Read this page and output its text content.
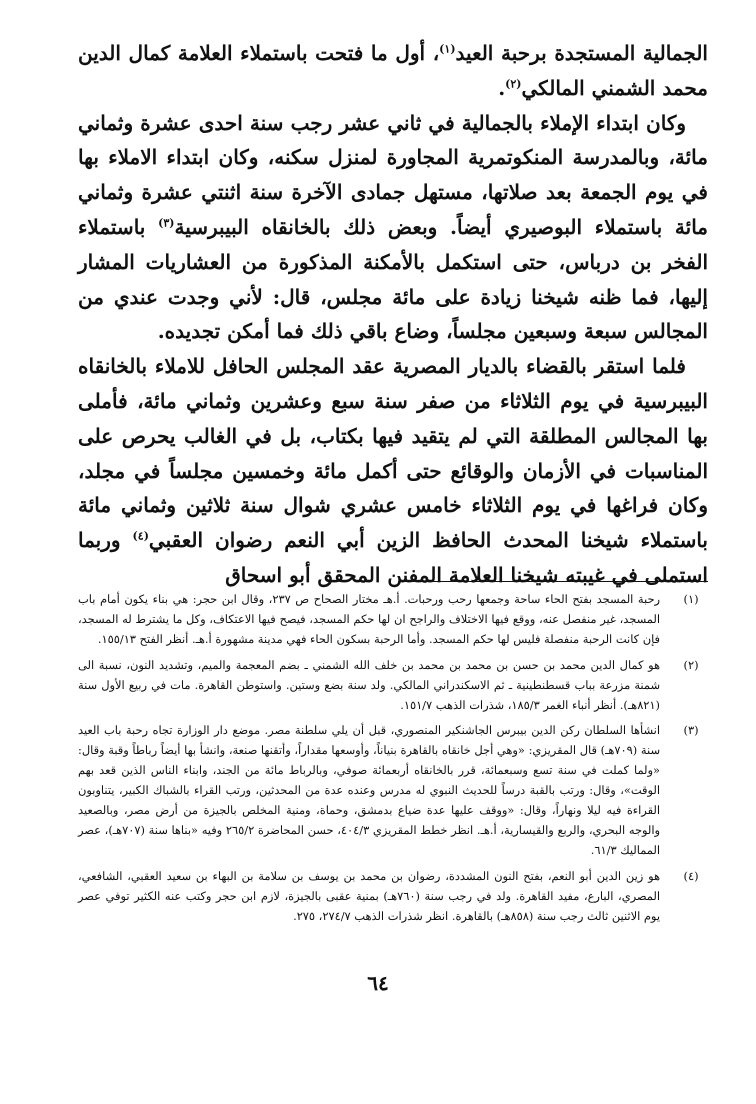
الجمالية المستجدة برحبة العيد$^{(١)}$، أول ما فتحت باستملاء العلامة كمال الدين محمد الشمني المالكي$^{(٢)}$.

وكان ابتداء الإملاء بالجمالية في ثاني عشر رجب سنة احدى عشرة وثماني مائة، وبالمدرسة المنكوتمرية المجاورة لمنزل سكنه، وكان ابتداء الاملاء بها في يوم الجمعة بعد صلاتها، مستهل جمادى الآخرة سنة اثنتي عشرة وثماني مائة باستملاء البوصيري أيضاً. وبعض ذلك بالخانقاه البيبرسية$^{(٣)}$ باستملاء الفخر بن درباس، حتى استكمل بالأمكنة المذكورة من العشاريات المشار إليها، فما ظنه شيخنا زيادة على مائة مجلس، قال: لأني وجدت عندي من المجالس سبعة وسبعين مجلساً، وضاع باقي ذلك فما أمكن تجديده.

فلما استقر بالقضاء بالديار المصرية عقد المجلس الحافل للاملاء بالخانقاه البيبرسية في يوم الثلاثاء من صفر سنة سبع وعشرين وثماني مائة، فأملى بها المجالس المطلقة التي لم يتقيد فيها بكتاب، بل في الغالب يحرص على المناسبات في الأزمان والوقائع حتى أكمل مائة وخمسين مجلساً في مجلد، وكان فراغها في يوم الثلاثاء خامس عشري شوال سنة ثلاثين وثماني مائة باستملاء شيخنا المحدث الحافظ الزين أبي النعم رضوان العقبي$^{(٤)}$ وربما استملى في غيبته شيخنا العلامة المفنن المحقق أبو اسحاق

(١)
رحبة المسجد بفتح الحاء ساحة وجمعها رحب ورحبات. أ.هـ مختار الصحاح ص ٢٣٧، وقال ابن حجر: هي بناء يكون أمام باب المسجد، غير منفصل عنه، ووقع فيها الاختلاف والراجح ان لها حكم المسجد، فيصح فيها الاعتكاف، وكل ما يشترط له المسجد، فإن كانت الرحبة منفصلة فليس لها حكم المسجد. وأما الرحبة بسكون الحاء فهي مدينة مشهورة أ.هـ. أنظر الفتح ١٥٥/١٣.
(٢)
هو كمال الدين محمد بن حسن بن محمد بن محمد بن خلف الله الشمني ـ بضم المعجمة والميم، وتشديد النون، نسبة الى شمنة مزرعة بباب قسطنطينية ـ ثم الاسكندراني المالكي. ولد سنة بضع وستين. واستوطن القاهرة. مات في ربيع الأول سنة (٨٢١هـ). أنظر أنباء الغمر ١٨٥/٣، شذرات الذهب ١٥١/٧.
(٣)
انشأها السلطان ركن الدين بيبرس الجاشنكير المنصوري، قبل أن يلي سلطنة مصر. موضع دار الوزارة تجاه رحبة باب العيد سنة (٧٠٩هـ) قال المقريزي: «وهي أجل خانقاه بالقاهرة بنياناً، وأوسعها مقداراً، وأتقنها صنعة، وانشأ بها أيضاً رباطاً وقبة وقال: «ولما كملت في سنة تسع وسبعمائة، قرر بالخانقاه أربعمائة صوفي، وبالرباط مائة من الجند، وابناء الناس الذين قعد بهم الوقت»، وقال: ورتب بالقبة درساً للحديث النبوي له مدرس وعنده عدة من المحدثين، ورتب القراء بالشباك الكبير، يتناوبون القراءة فيه ليلا ونهاراً، وقال: «ووقف عليها عدة ضياع بدمشق، وحماة، ومنية المخلص بالجيزة من أرض مصر، وبالصعيد والوجه البحري، والربع والقيسارية، أ.هـ. انظر خطط المقريزي ٤٠٤/٣، حسن المحاضرة ٢٦٥/٢ وفيه «بناها سنة (٧٠٧هـ)، عصر المماليك ٦١/٣.
(٤)
هو زين الدين أبو النعم، بفتح النون المشددة، رضوان بن محمد بن يوسف بن سلامة بن البهاء بن سعيد العقبي، الشافعي، المصري، البارع، مفيد القاهرة. ولد في رجب سنة (٧٦٠هـ) بمنية عقبى بالجيزة، لازم ابن حجر وكتب عنه الكثير توفي عصر يوم الاثنين ثالث رجب سنة (٨٥٨هـ) بالقاهرة. انظر شذرات الذهب ٢٧٤/٧، ٢٧٥.
٦٤
